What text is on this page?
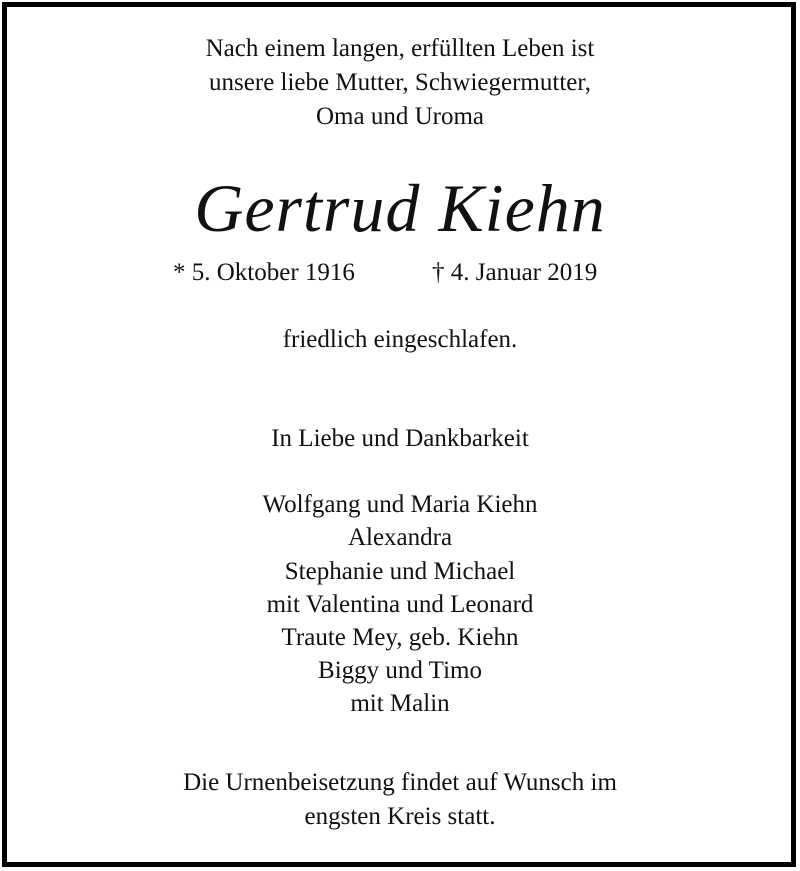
Nach einem langen, erfüllten Leben ist
unsere liebe Mutter, Schwiegermutter,
Oma und Uroma
Gertrud Kiehn
* 5. Oktober 1916	† 4. Januar 2019
friedlich eingeschlafen.
In Liebe und Dankbarkeit
Wolfgang und Maria Kiehn
Alexandra
Stephanie und Michael
mit Valentina und Leonard
Traute Mey, geb. Kiehn
Biggy und Timo
mit Malin
Die Urnenbeisetzung findet auf Wunsch im
engsten Kreis statt.
